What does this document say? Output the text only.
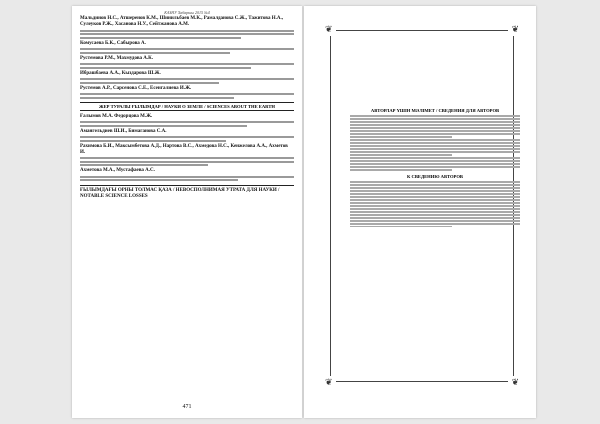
КАЗНУ Хабаршы 2015 №4
Мальдинов Н.С., Атшеренов К.М., Шинильбаев М.К., Рамалданова С.Ж., Тажитова Н.А., Сулеуков Р.Ж., Хасанова Н.У., Сейтжанова А.М.
Комусаева Б.К., Сабырова А.
Рустемова Р.М., Махмудова А.К.
Ибрашбаева А.А., Кыздарова Ш.Ж.
Рустемов А.Р., Сарсенова С.Е., Есенгалиева И.Ж.
ЖЕР ТУРАЛЫ ҒЫЛЫМДАР / НАУКИ О ЗЕМЛЕ / SCIENCES ABOUT THE EARTH
Ғалымов М.А. Федорцова М.Ж.
Амангельдиев Ш.И., Бимаганова С.А.
Рахимова Б.И., Максымбетова А.Д., Нартова В.С., Ахмедова Н.С., Кенжелова А.А., Ахметов И.
Ахметова М.А., Мустафаева А.С.
ҒЫЛЫМДАҒЫ ОРНЫ ТОЛМАС ҚАЗА / НЕВОСПОЛНИМАЯ УТРАТА ДЛЯ НАУКИ / NOTABLE SCIENCE LOSSES
471
❦	❦
❦	❦
АВТОРЛАР ҮШІН МӘЛІМЕТ / СВЕДЕНИЯ ДЛЯ АВТОРОВ
К СВЕДЕНИЮ АВТОРОВ
